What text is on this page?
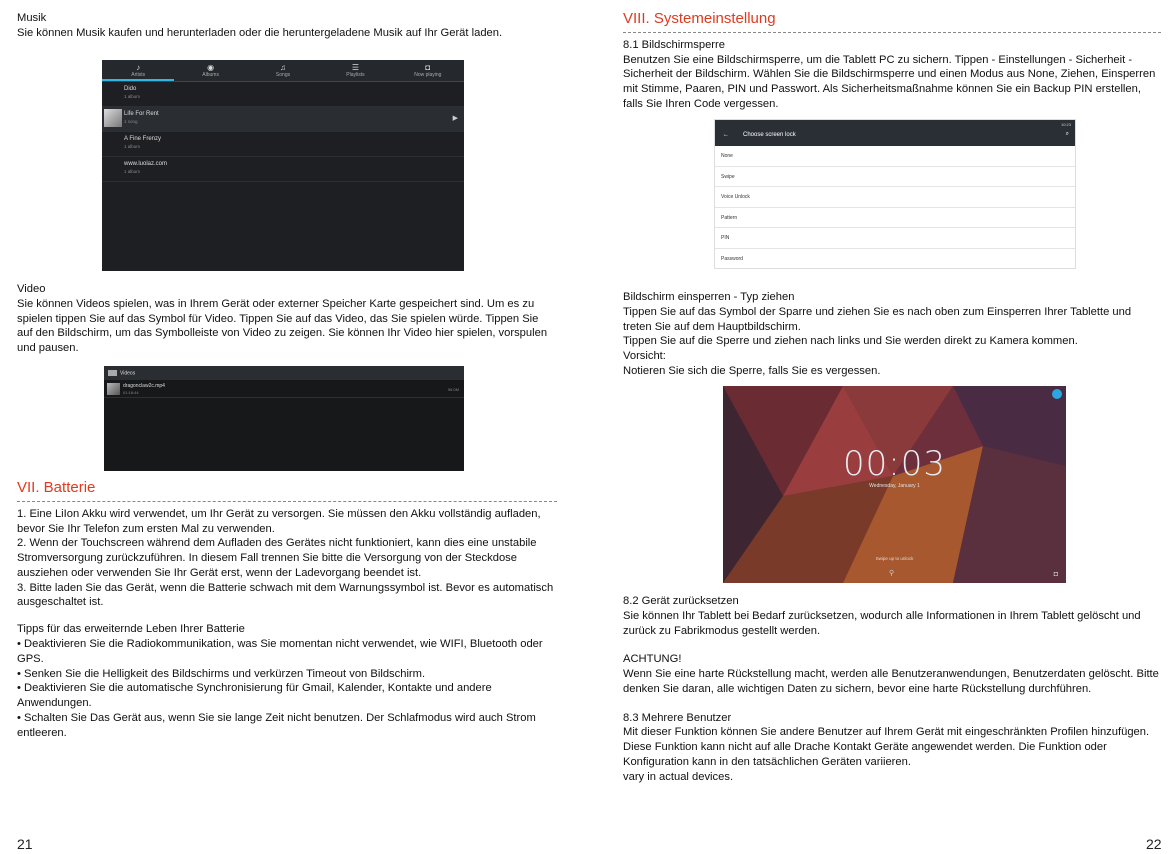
Musik

Sie können Musik kaufen und herunterladen oder die heruntergeladene Musik auf Ihr Gerät laden.

♪
Artists
◉
Albums
♫
Songs
☰
Playlists
◘
Now playing
Dido
1 album
Life For Rent
1 song	▶
A Fine Frenzy
1 album
www.luolaz.com
1 album

Video

Sie können Videos spielen, was in Ihrem Gerät oder externer Speicher Karte gespeichert sind. Um es zu spielen tippen Sie auf das Symbol für Video. Tippen Sie auf das Video, das Sie spielen würde. Tippen Sie auf den Bildschirm, um das Symbolleiste von Video zu zeigen. Sie können Ihr Video hier spielen, vorspulen und pausen.

Videos
dragonclaw2c.mp4
01:18:44
96.0M
VII. Batterie

1. Eine LiIon Akku wird verwendet, um Ihr Gerät zu versorgen. Sie müssen den Akku vollständig aufladen, bevor Sie Ihr Telefon zum ersten Mal zu verwenden.

2. Wenn der Touchscreen während dem Aufladen des Gerätes nicht funktioniert, kann dies eine unstabile Stromversorgung zurückzuführen. In diesem Fall trennen Sie bitte die Versorgung von der Steckdose ausziehen oder verwenden Sie Ihr Gerät erst, wenn der Ladevorgang beendet ist.

3. Bitte laden Sie das Gerät, wenn die Batterie schwach mit dem Warnungssymbol ist. Bevor es automatisch ausgeschaltet ist.

Tipps für das erweiternde Leben Ihrer Batterie

• Deaktivieren Sie die Radiokommunikation, was Sie momentan nicht verwendet, wie WIFI, Bluetooth oder GPS.

• Senken Sie die Helligkeit des Bildschirms und verkürzen Timeout von Bildschirm.

• Deaktivieren Sie die automatische Synchronisierung für Gmail, Kalender, Kontakte und andere Anwendungen.

• Schalten Sie Das Gerät aus, wenn Sie sie lange Zeit nicht benutzen. Der Schlafmodus wird auch Strom entleeren.

21
VIII. Systemeinstellung

8.1 Bildschirmsperre

Benutzen Sie eine Bildschirmsperre, um die Tablett PC zu sichern. Tippen - Einstellungen - Sicherheit - Sicherheit der Bildschirm. Wählen Sie die Bildschirmsperre und einen Modus aus None, Ziehen, Einsperren mit Stimme, Paaren, PIN und Passwort. Als Sicherheitsmaßnahme können Sie ein Backup PIN erstellen, falls Sie Ihren Code vergessen.

10:23
← Choose screen lock	⌕
None
Swipe
Voice Unlock
Pattern
PIN
Password

Bildschirm einsperren - Typ ziehen

Tippen Sie auf das Symbol der Sparre und ziehen Sie es nach oben zum Einsperren Ihrer Tablette und treten Sie auf dem Hauptbildschirm.

Tippen Sie auf die Sperre und ziehen nach links und Sie werden direkt zu Kamera kommen.

Vorsicht:

Notieren Sie sich die Sperre, falls Sie es vergessen.

00:03
Wednesday, January 1
Swipe up to unlock
⚲	◘

8.2 Gerät zurücksetzen

Sie können Ihr Tablett bei Bedarf zurücksetzen, wodurch alle Informationen in Ihrem Tablett gelöscht und zurück zu Fabrikmodus gestellt werden.

ACHTUNG!

Wenn Sie eine harte Rückstellung macht, werden alle Benutzeranwendungen, Benutzerdaten gelöscht. Bitte denken Sie daran, alle wichtigen Daten zu sichern, bevor eine harte Rückstellung durchführen.

8.3 Mehrere Benutzer

Mit dieser Funktion können Sie andere Benutzer auf Ihrem Gerät mit eingeschränkten Profilen hinzufügen. Diese Funktion kann nicht auf alle Drache Kontakt Geräte angewendet werden. Die Funktion oder Konfiguration kann in den tatsächlichen Geräten variieren.

vary in actual devices.

22
